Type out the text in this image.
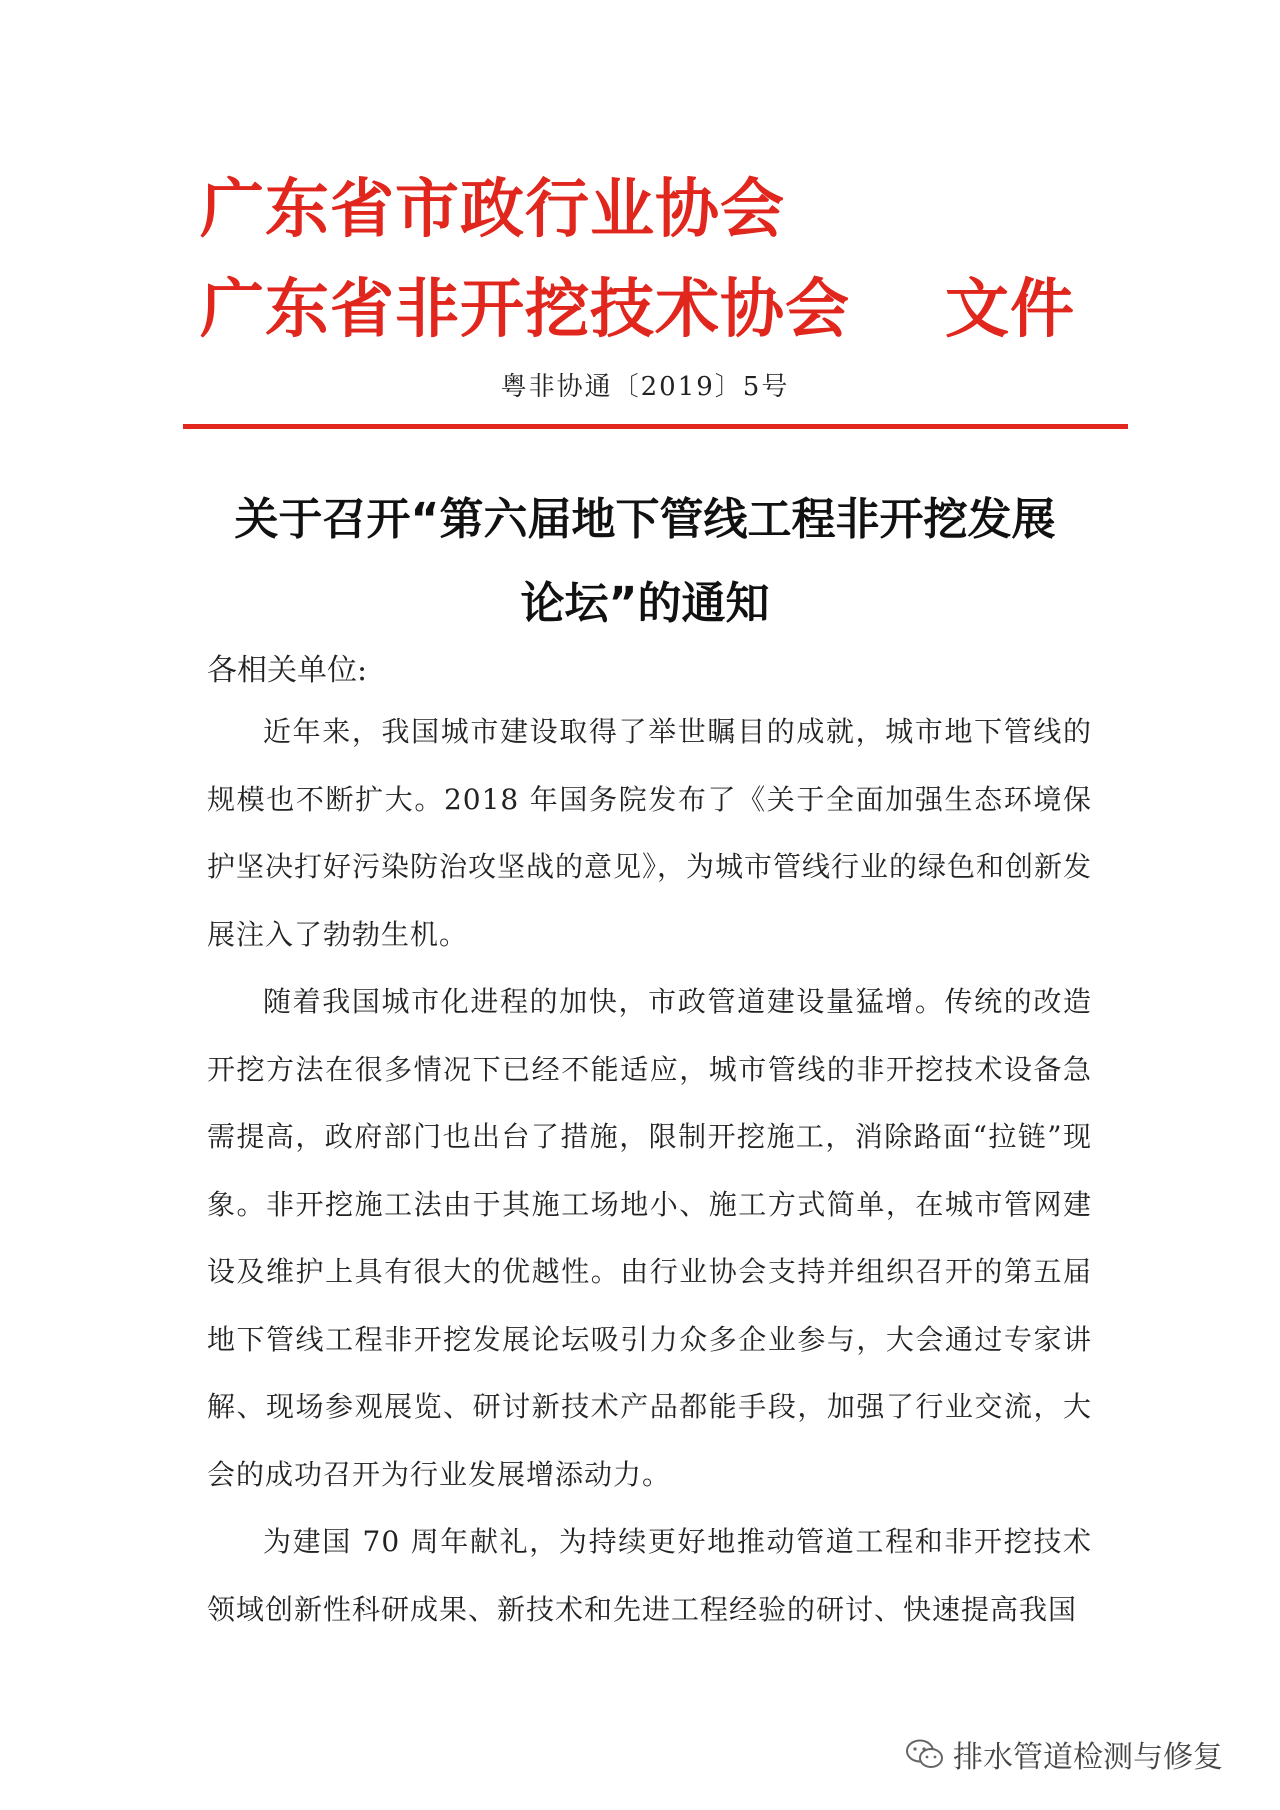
广东省市政行业协会
广东省非开挖技术协会 文件
粤非协通〔2019〕5号
关于召开“第六届地下管线工程非开挖发展
论坛”的通知
各相关单位:

近年来，我国城市建设取得了举世瞩目的成就，城市地下管线的规模也不断扩大。2018 年国务院发布了《关于全面加强生态环境保护坚决打好污染防治攻坚战的意见》，为城市管线行业的绿色和创新发展注入了勃勃生机。

随着我国城市化进程的加快，市政管道建设量猛增。传统的改造开挖方法在很多情况下已经不能适应，城市管线的非开挖技术设备急需提高，政府部门也出台了措施，限制开挖施工，消除路面“拉链”现象。非开挖施工法由于其施工场地小、施工方式简单，在城市管网建设及维护上具有很大的优越性。由行业协会支持并组织召开的第五届地下管线工程非开挖发展论坛吸引力众多企业参与，大会通过专家讲解、现场参观展览、研讨新技术产品都能手段，加强了行业交流，大会的成功召开为行业发展增添动力。

为建国 70 周年献礼，为持续更好地推动管道工程和非开挖技术领域创新性科研成果、新技术和先进工程经验的研讨、快速提高我国

排水管道检测与修复
